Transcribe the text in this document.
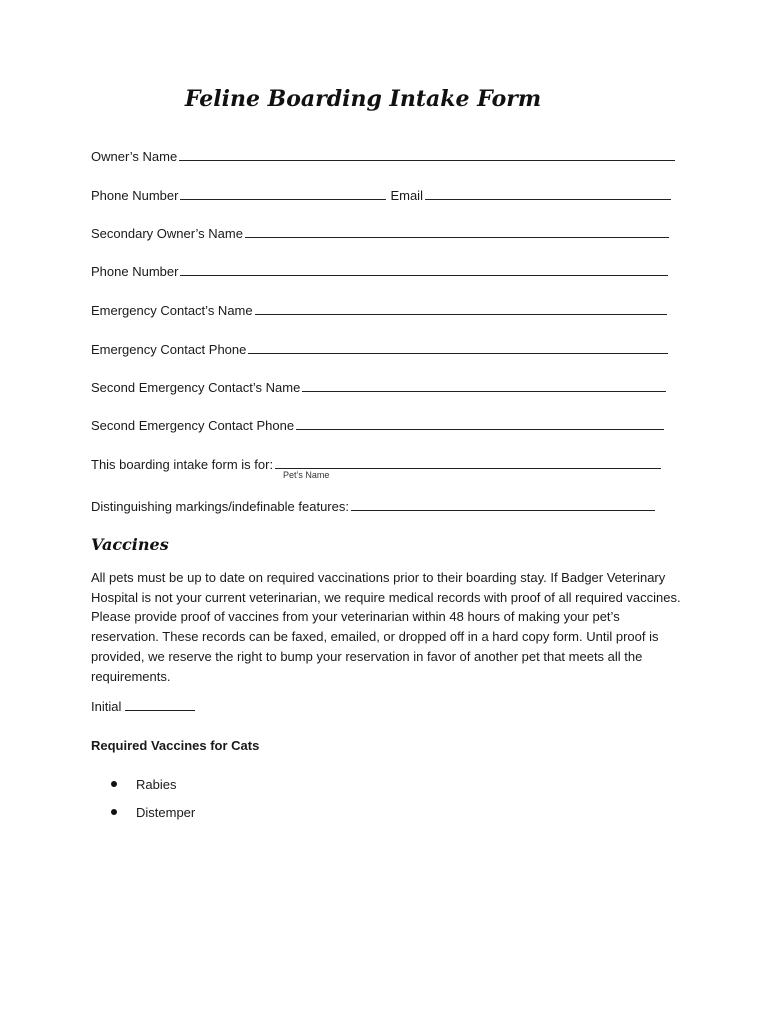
Feline Boarding Intake Form
Owner’s Name
Phone Number	Email
Secondary Owner’s Name
Phone Number
Emergency Contact’s Name
Emergency Contact Phone
Second Emergency Contact’s Name
Second Emergency Contact Phone
This boarding intake form is for:
Pet’s Name
Distinguishing markings/indefinable features:
Vaccines
All pets must be up to date on required vaccinations prior to their boarding stay. If Badger Veterinary Hospital is not your current veterinarian, we require medical records with proof of all required vaccines. Please provide proof of vaccines from your veterinarian within 48 hours of making your pet’s reservation. These records can be faxed, emailed, or dropped off in a hard copy form. Until proof is provided, we reserve the right to bump your reservation in favor of another pet that meets all the requirements.
Initial
Required Vaccines for Cats
Rabies
Distemper
